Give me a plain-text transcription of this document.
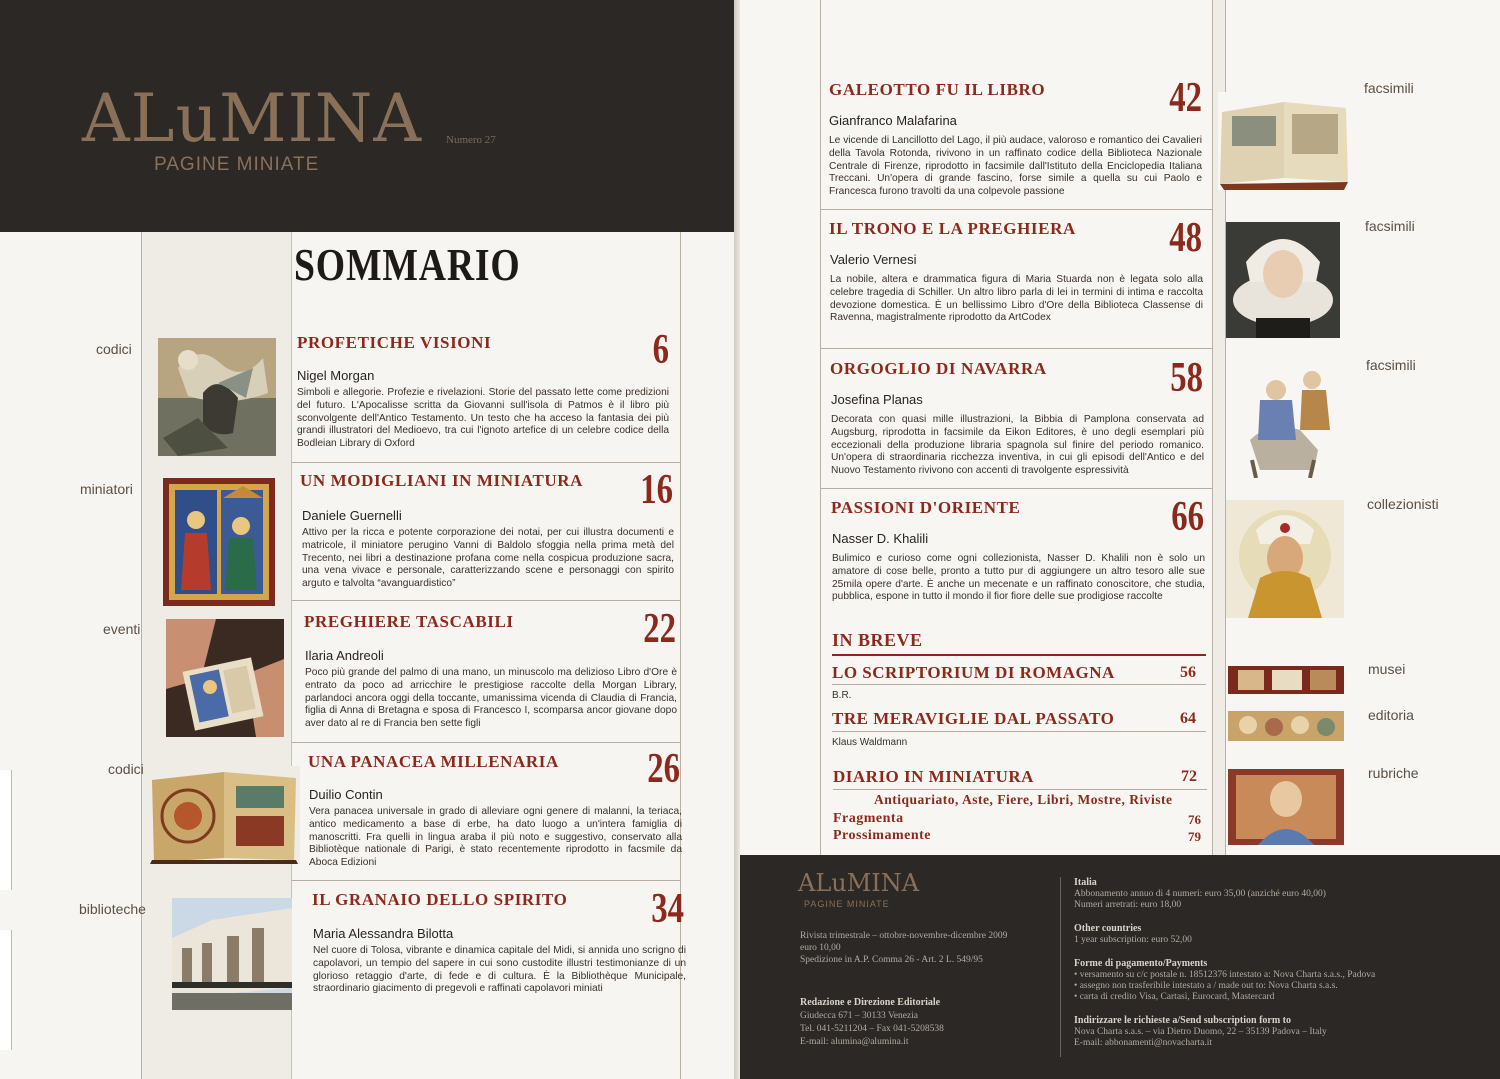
ALuMINA
PAGINE MINIATE
Numero 27
codici
miniatori
eventi
codici
biblioteche
SOMMARIO
PROFETICHE VISIONI	6
Nigel Morgan
Simboli e allegorie. Profezie e rivelazioni. Storie del passato lette come predizioni del futuro. L'Apocalisse scritta da Giovanni sull'isola di Patmos è il libro più sconvolgente dell'Antico Testamento. Un testo che ha acceso la fantasia dei più grandi illustratori del Medioevo, tra cui l'ignoto artefice di un celebre codice della Bodleian Library di Oxford
UN MODIGLIANI IN MINIATURA 16
Daniele Guernelli
Attivo per la ricca e potente corporazione dei notai, per cui illustra documenti e matricole, il miniatore perugino Vanni di Baldolo sfoggia nella prima metà del Trecento, nei libri a destinazione profana come nella cospicua produzione sacra, una vena vivace e personale, caratterizzando scene e personaggi con spirito arguto e talvolta “avanguardistico”
PREGHIERE TASCABILI	22
Ilaria Andreoli
Poco più grande del palmo di una mano, un minuscolo ma delizioso Libro d'Ore è entrato da poco ad arricchire le prestigiose raccolte della Morgan Library, parlandoci ancora oggi della toccante, umanissima vicenda di Claudia di Francia, figlia di Anna di Bretagna e sposa di Francesco I, scomparsa ancor giovane dopo aver dato al re di Francia ben sette figli
UNA PANACEA MILLENARIA 26
Duilio Contin
Vera panacea universale in grado di alleviare ogni genere di malanni, la teriaca, antico medicamento a base di erbe, ha dato luogo a un'intera famiglia di manoscritti. Fra quelli in lingua araba il più noto e suggestivo, conservato alla Bibliotèque nationale di Parigi, è stato recentemente riprodotto in facsmile da Aboca Edizioni
IL GRANAIO DELLO SPIRITO 34
Maria Alessandra Bilotta
Nel cuore di Tolosa, vibrante e dinamica capitale del Midi, si annida uno scrigno di capolavori, un tempio del sapere in cui sono custodite illustri testimonianze di un glorioso retaggio d'arte, di fede e di cultura. È la Bibliothèque Municipale, straordinario giacimento di pregevoli e raffinati capolavori miniati
facsimili
facsimili
facsimili
collezionisti
musei
editoria
rubriche
GALEOTTO FU IL LIBRO	42
Gianfranco Malafarina
Le vicende di Lancillotto del Lago, il più audace, valoroso e romantico dei Cavalieri della Tavola Rotonda, rivivono in un raffinato codice della Biblioteca Nazionale Centrale di Firenze, riprodotto in facsimile dall'Istituto della Enciclopedia Italiana Treccani. Un'opera di grande fascino, forse simile a quella su cui Paolo e Francesca furono travolti da una colpevole passione
IL TRONO E LA PREGHIERA	48
Valerio Vernesi
La nobile, altera e drammatica figura di Maria Stuarda non è legata solo alla celebre tragedia di Schiller. Un altro libro parla di lei in termini di intima e raccolta devozione domestica. È un bellissimo Libro d'Ore della Biblioteca Classense di Ravenna, magistralmente riprodotto da ArtCodex
ORGOGLIO DI NAVARRA	58
Josefina Planas
Decorata con quasi mille illustrazioni, la Bibbia di Pamplona conservata ad Augsburg, riprodotta in facsimile da Eikon Editores, è uno degli esemplari più eccezionali della produzione libraria spagnola sul finire del periodo romanico. Un'opera di straordinaria ricchezza inventiva, in cui gli episodi dell'Antico e del Nuovo Testamento rivivono con accenti di travolgente espressività
PASSIONI D'ORIENTE	66
Nasser D. Khalili
Bulimico e curioso come ogni collezionista, Nasser D. Khalili non è solo un amatore di cose belle, pronto a tutto pur di aggiungere un altro tesoro alle sue 25mila opere d'arte. È anche un mecenate e un raffinato conoscitore, che studia, pubblica, espone in tutto il mondo il fior fiore delle sue prodigiose raccolte
IN BREVE
LO SCRIPTORIUM DI ROMAGNA	56
B.R.
TRE MERAVIGLIE DAL PASSATO	64
Klaus Waldmann
DIARIO IN MINIATURA	72
Antiquariato, Aste, Fiere, Libri, Mostre, Riviste
Fragmenta	76
Prossimamente	79
ALuMINA
PAGINE MINIATE
Rivista trimestrale – ottobre-novembre-dicembre 2009
euro 10,00
Spedizione in A.P. Comma 26 - Art. 2 L. 549/95
Redazione e Direzione Editoriale
Giudecca 671 – 30133 Venezia
Tel. 041-5211204 – Fax 041-5208538
E-mail: alumina@alumina.it
Italia
Abbonamento annuo di 4 numeri: euro 35,00 (anziché euro 40,00)
Numeri arretrati: euro 18,00
Other countries
1 year subscription: euro 52,00
Forme di pagamento/Payments
• versamento su c/c postale n. 18512376 intestato a: Nova Charta s.a.s., Padova
• assegno non trasferibile intestato a / made out to: Nova Charta s.a.s.
• carta di credito Visa, Cartasì, Eurocard, Mastercard
Indirizzare le richieste a/Send subscription form to
Nova Charta s.a.s. – via Dietro Duomo, 22 – 35139 Padova – Italy
E-mail: abbonamenti@novacharta.it
